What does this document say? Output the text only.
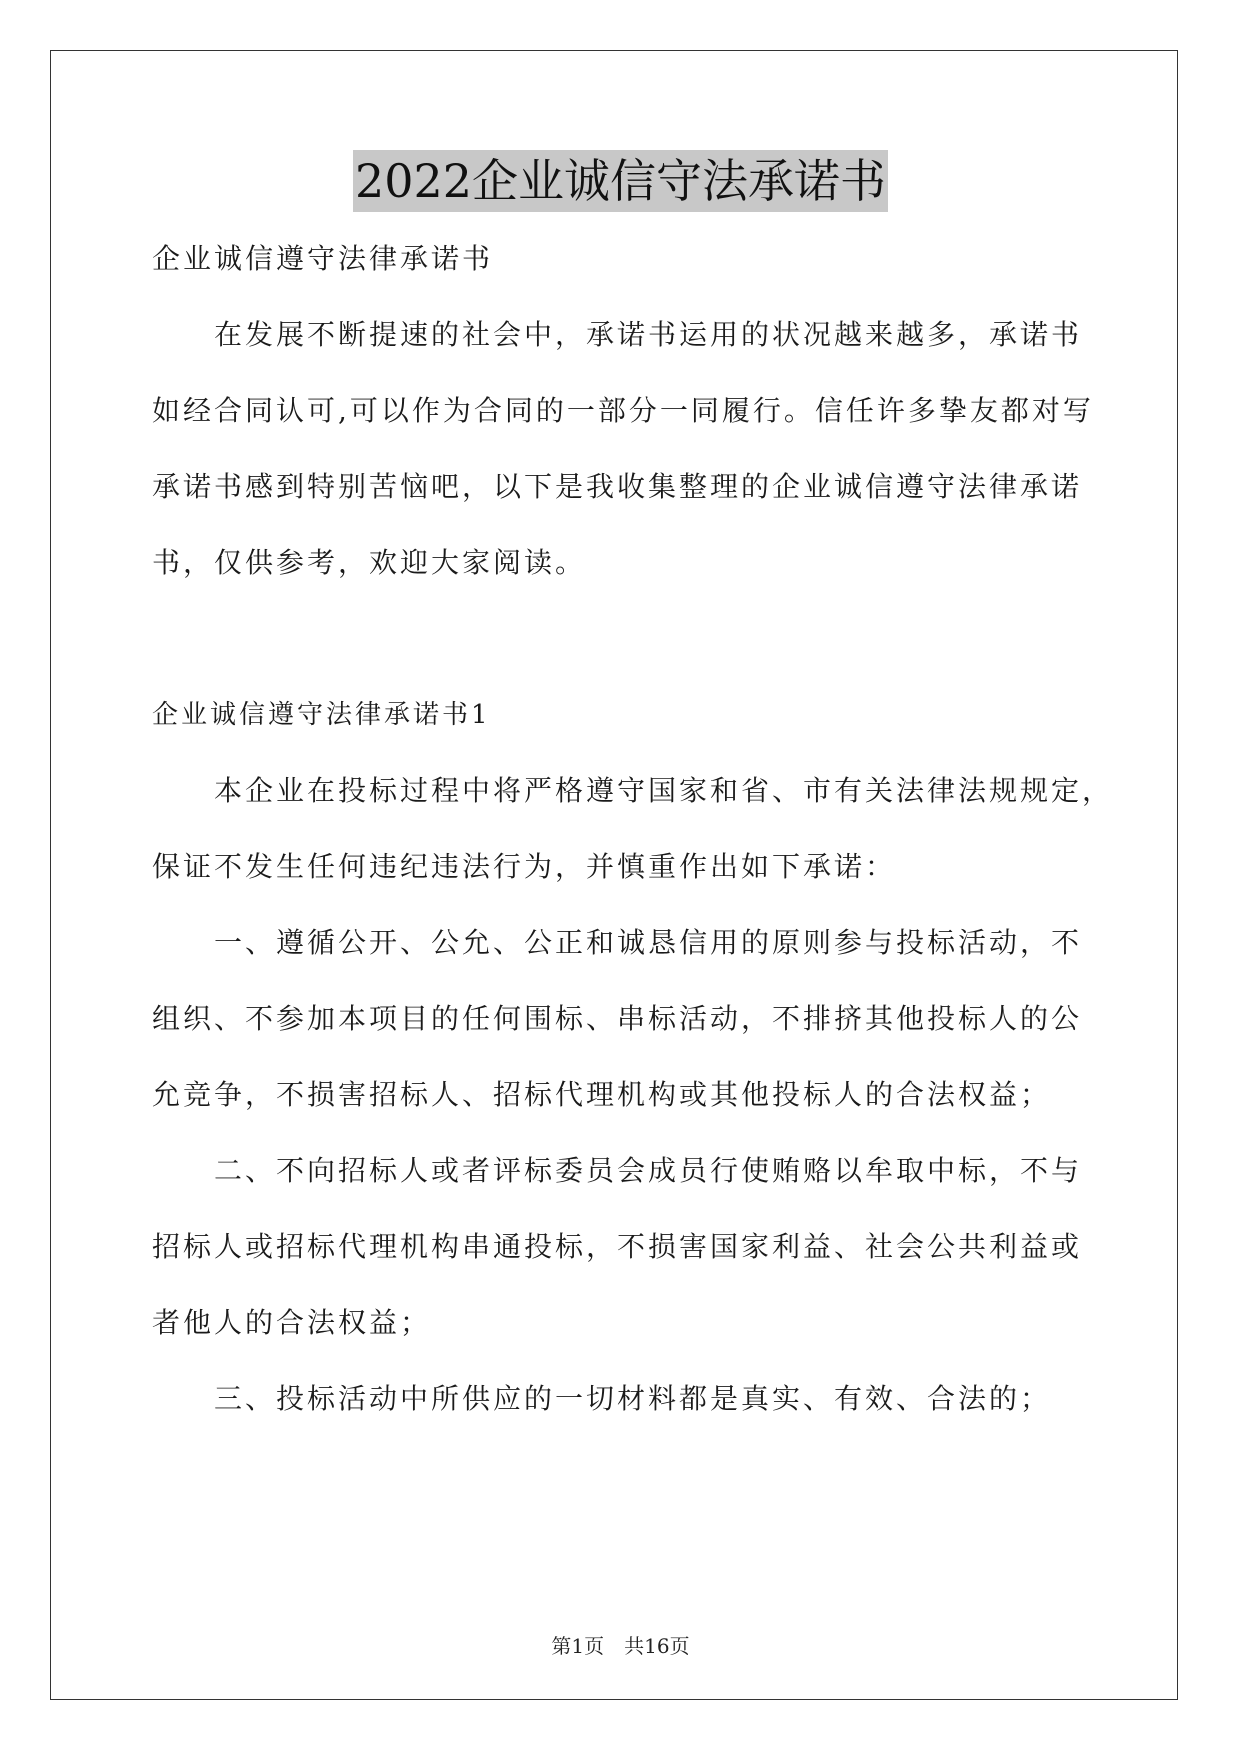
2022企业诚信守法承诺书
企业诚信遵守法律承诺书
在发展不断提速的社会中，承诺书运用的状况越来越多，承诺书
如经合同认可,可以作为合同的一部分一同履行。信任许多挚友都对写
承诺书感到特别苦恼吧，以下是我收集整理的企业诚信遵守法律承诺
书，仅供参考，欢迎大家阅读。
企业诚信遵守法律承诺书1
本企业在投标过程中将严格遵守国家和省、市有关法律法规规定，
保证不发生任何违纪违法行为，并慎重作出如下承诺：
一、遵循公开、公允、公正和诚恳信用的原则参与投标活动，不
组织、不参加本项目的任何围标、串标活动，不排挤其他投标人的公
允竞争，不损害招标人、招标代理机构或其他投标人的合法权益；
二、不向招标人或者评标委员会成员行使贿赂以牟取中标，不与
招标人或招标代理机构串通投标，不损害国家利益、社会公共利益或
者他人的合法权益；
三、投标活动中所供应的一切材料都是真实、有效、合法的；
第1页　共16页
